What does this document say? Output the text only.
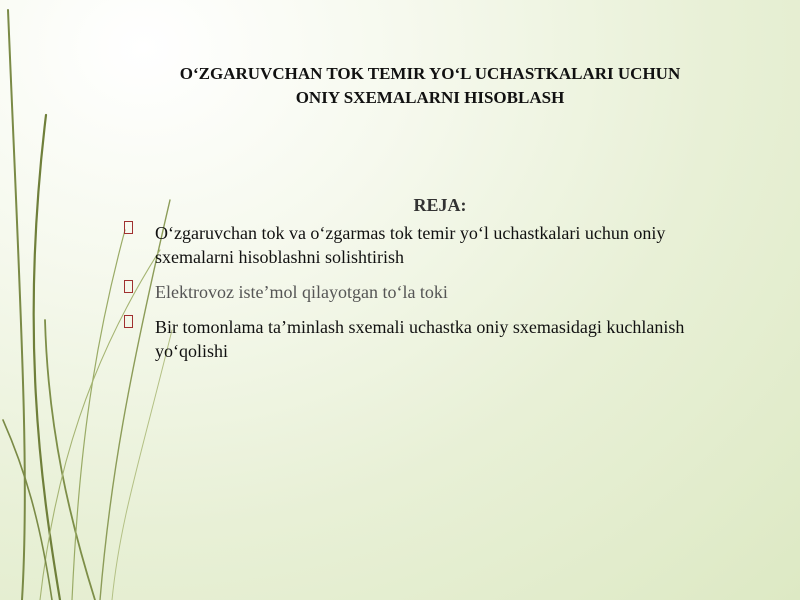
O‘ZGARUVCHAN TOK TEMIR YO‘L UCHASTKALARI UCHUN
ONIY SXEMALARNI HISOBLASH
REJA:
O‘zgaruvchan tok va o‘zgarmas tok temir yo‘l uchastkalari uchun oniy sxemalarni hisoblashni solishtirish
Elektrovoz iste’mol qilayotgan to‘la toki
Bir tomonlama ta’minlash sxemali uchastka oniy sxemasidagi kuchlanish yo‘qolishi
